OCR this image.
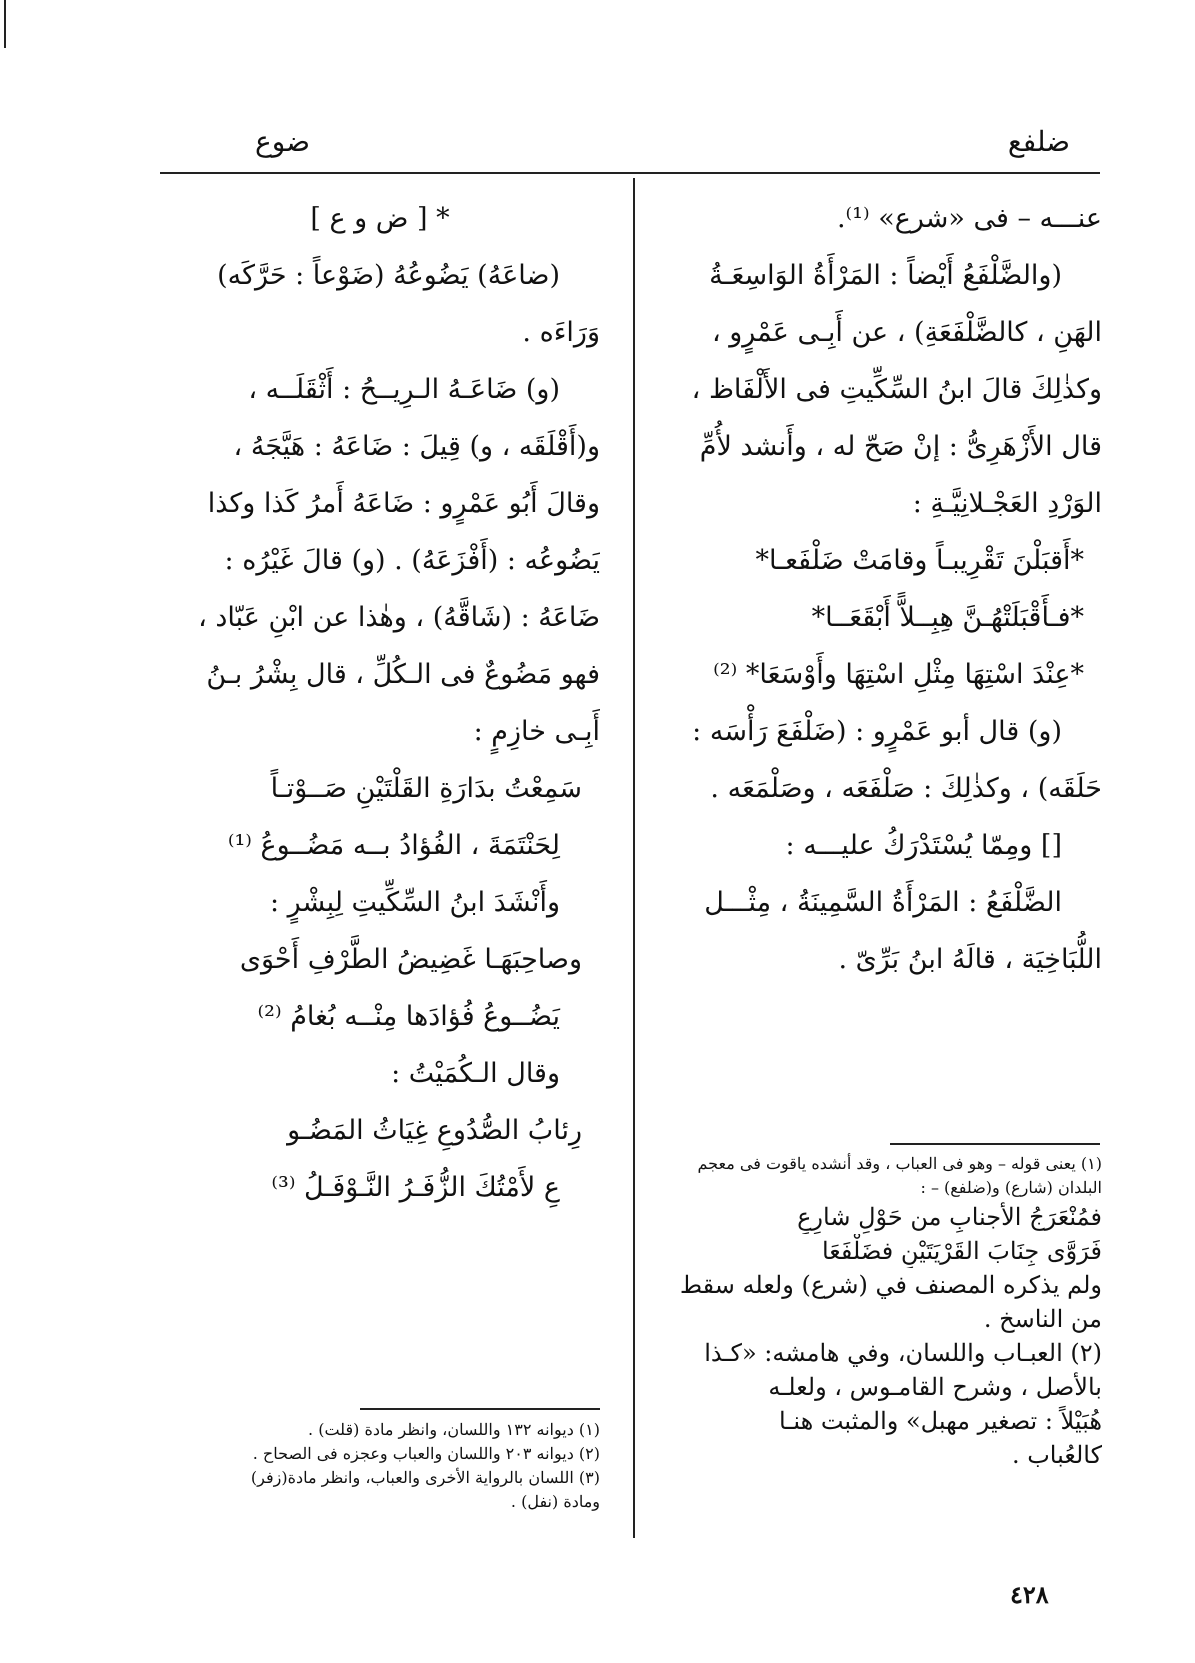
ضلفع
ضوع
عنـــه – فى «شرع» ⁽¹⁾.
(والضَّلْفَعُ أَيْضاً : المَرْأَةُ الوَاسِعَـةُ
الهَنِ ، كالضَّلْفَعَةِ) ، عن أَبِـى عَمْرٍو ،
وكذٰلِكَ قالَ ابنُ السِّكِّيتِ فى الأَلْفَاظ ،
قال الأَزْهَرِىُّ : إنْ صَحّ له ، وأَنشد لأُمِّ
الوَرْدِ العَجْـلانِيَّـةِ :
*أَقبَلْنَ تَقْرِيبـاً وقامَتْ ضَلْفَعـا*
*فـأَقْبَلَتْهُـنَّ هِبِــلاًّ أَبْقَعَــا*
*عِنْدَ اسْتِهَا مِثْلِ اسْتِهَا وأَوْسَعَا* ⁽²⁾
(و) قال أبو عَمْرٍو : (ضَلْفَعَ رَأْسَه :
حَلَقَه) ، وكذٰلِكَ : صَلْفَعَه ، وصَلْمَعَه .
[] ومِمّا يُسْتَدْرَكُ عليـــه :
الضَّلْفَعُ : المَرْأَةُ السَّمِينَةُ ، مِثْـــل
اللُّبَاخِيَة ، قالَهُ ابنُ بَرِّىّ .
(١) يعنى قوله – وهو فى العباب ، وقد أنشده ياقوت فى معجم
البلدان (شارع) و(ضلفع) – :
فمُنْعَرَجُ الأجنابِ من حَوْلِ شارِعٍ
فَرَوَّى جِنَابَ القَرْيَتَيْنِ فضَلْفَعَا
ولم يذكره المصنف في (شرع) ولعله سقط
من الناسخ .
(٢) العبـاب واللسان، وفي هامشه: «كـذا
بالأصل ، وشرح القامـوس ، ولعلـه
هُبَيْلاً : تصغير مهبل» والمثبت هنـا
كالعُباب .
* [ ض و ع ]
(ضاعَهُ) يَضُوعُهُ (ضَوْعاً : حَرَّكَه)
وَرَاءَه .
(و) ضَاعَـهُ الـرِيــحُ : أَثْقَلَــه ،
و(أَقْلَقَه ، و) قِيلَ : ضَاعَهُ : هَيَّجَهُ ،
وقالَ أَبُو عَمْرٍو : ضَاعَهُ أَمرُ كَذا وكذا
يَضُوعُه : (أَفْزَعَهُ) . (و) قالَ غَيْرُه :
ضَاعَهُ : (شَاقَّهُ) ، وهٰذا عن ابْنِ عَبّاد ،
فهو مَضُوعٌ فى الـكُلِّ ، قال بِشْرُ بـنُ
أَبِـى خازِمٍ :
سَمِعْتُ بدَارَةِ القَلْتَيْنِ صَــوْتـاً
لِحَنْتَمَةَ ، الفُؤادُ بــه مَضُــوعُ ⁽¹⁾
وأَنْشَدَ ابنُ السِّكِّيتِ لِبِشْرٍ :
وصاحِبَهَـا غَضِيضُ الطَّرْفِ أَحْوَى
يَضُــوعُ فُؤادَها مِنْــه بُغامُ ⁽²⁾
وقال الـكُمَيْتُ :
رِئابُ الصُّدُوعِ غِيَاثُ المَضُـو
عِ لأَمْتُكَ الزُّفَـرُ النَّـوْفَـلُ ⁽³⁾
(١) ديوانه ١٣٢ واللسان، وانظر مادة (قلت) .
(٢) ديوانه ٢٠٣ واللسان والعباب وعجزه فى الصحاح .
(٣) اللسان بالرواية الأخرى والعباب، وانظر مادة(زفر)
ومادة (نفل) .
٤٢٨
